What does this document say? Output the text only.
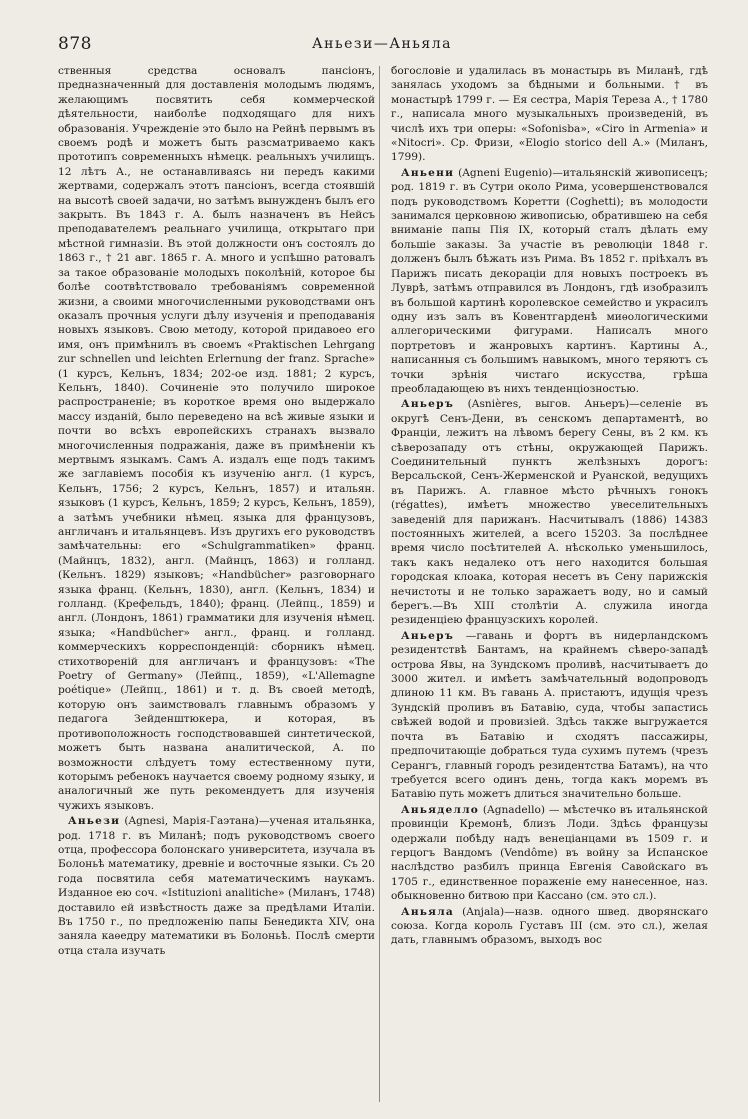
878	Аньези—Аньяла

ственныя средства основалъ пансіонъ, предназначенный для доставленія молодымъ людямъ, желающимъ посвятить себя коммерческой дѣятельности, наиболѣе подходящаго для нихъ образованія. Учрежденіе это было на Рейнѣ первымъ въ своемъ родѣ и можетъ быть разсматриваемо какъ прототипъ современныхъ нѣмецк. реальныхъ училищъ. 12 лѣтъ А., не останавливаясь ни передъ какими жертвами, содержалъ этотъ пансіонъ, всегда стоявшій на высотѣ своей задачи, но затѣмъ вынужденъ былъ его закрыть. Въ 1843 г. А. былъ назначенъ въ Нейсъ преподавателемъ реальнаго училища, открытаго при мѣстной гимназіи. Въ этой должности онъ состоялъ до 1863 г., † 21 авг. 1865 г. А. много и успѣшно ратовалъ за такое образованіе молодыхъ поколѣній, которое бы болѣе соотвѣтствовало требованіямъ современной жизни, а своими многочисленными руководствами онъ оказалъ прочныя услуги дѣлу изученія и преподаванія новыхъ языковъ. Свою методу, которой придавоео его имя, онъ примѣнилъ въ своемъ «Praktischen Lehrgang zur schnellen und leichten Erlernung der franz. Sprache» (1 курсъ, Кельнъ, 1834; 202-ое изд. 1881; 2 курсъ, Кельнъ, 1840). Сочиненіе это получило широкое распространеніе; въ короткое время оно выдержало массу изданій, было переведено на всѣ живые языки и почти во всѣхъ европейскихъ странахъ вызвало многочисленныя подражанія, даже въ примѣненіи къ мертвымъ языкамъ. Самъ А. издалъ еще подъ такимъ же заглавіемъ пособія къ изученію англ. (1 курсъ, Кельнъ, 1756; 2 курсъ, Кельнъ, 1857) и итальян. языковъ (1 курсъ, Кельнъ, 1859; 2 курсъ, Кельнъ, 1859), а затѣмъ учебники нѣмец. языка для французовъ, англичанъ и итальянцевъ. Изъ другихъ его руководствъ замѣчательны: его «Schulgrammatiken» франц. (Майнцъ, 1832), англ. (Майнцъ, 1863) и голланд. (Кельнъ. 1829) языковъ; «Handbücher» разговорнаго языка франц. (Кельнъ, 1830), англ. (Кельнъ, 1834) и голланд. (Крефельдъ, 1840); франц. (Лейпц., 1859) и англ. (Лондонъ, 1861) грамматики для изученія нѣмец. языка; «Handbücher» англ., франц. и голланд. коммерческихъ корреспонденцій: сборникъ нѣмец. стихотвореній для англичанъ и французовъ: «The Poetry of Germany» (Лейпц., 1859), «L'Allemagne poétique» (Лейпц., 1861) и т. д. Въ своей методѣ, которую онъ заимствовалъ главнымъ образомъ у педагога Зейденштюкера, и которая, въ противоположность господствовавшей синтетической, можетъ быть названа аналитической, А. по возможности слѣдуетъ тому естественному пути, которымъ ребенокъ научается своему родному языку, и аналогичный же путь рекомендуетъ для изученія чужихъ языковъ.

Аньези (Agnesi, Марія-Гаэтана)—ученая итальянка, род. 1718 г. въ Миланѣ; подъ руководствомъ своего отца, профессора болонскаго университета, изучала въ Болоньѣ математику, древніе и восточные языки. Съ 20 года посвятила себя математическимъ наукамъ. Изданное ею соч. «Istituzioni analitiche» (Миланъ, 1748) доставило ей извѣстность даже за предѣлами Италіи. Въ 1750 г., по предложенію папы Бенедикта XIV, она заняла каѳедру математики въ Болоньѣ. Послѣ смерти отца стала изучать

богословіе и удалилась въ монастырь въ Миланѣ, гдѣ занялась уходомъ за бѣдными и больными. † въ монастырѣ 1799 г. — Ея сестра, Марія Тереза А., † 1780 г., написала много музыкальныхъ произведеній, въ числѣ ихъ три оперы: «Sofonisba», «Ciro in Armenia» и «Nitocri». Ср. Фризи, «Elogio storico dell A.» (Миланъ, 1799).

Аньени (Agneni Eugenio)—итальянскій живописецъ; род. 1819 г. въ Сутри около Рима, усовершенствовался подъ руководствомъ Коретти (Coghetti); въ молодости занимался церковною живописью, обратившею на себя вниманіе папы Пія IX, который сталъ дѣлать ему большіе заказы. За участіе въ революціи 1848 г. долженъ былъ бѣжать изъ Рима. Въ 1852 г. пріѣхалъ въ Парижъ писать декораціи для новыхъ построекъ въ Луврѣ, затѣмъ отправился въ Лондонъ, гдѣ изобразилъ въ большой картинѣ королевское семейство и украсилъ одну изъ залъ въ Ковентгарденѣ миѳологическими аллегорическими фигурами. Написалъ много портретовъ и жанровыхъ картинъ. Картины А., написанныя съ большимъ навыкомъ, много теряютъ съ точки зрѣнія чистаго искусства, грѣша преобладающею въ нихъ тенденціозностью.

Аньеръ (Asnières, выгов. Аньеръ)—селеніе въ округѣ Сенъ-Дени, въ сенскомъ департаментѣ, во Франціи, лежитъ на лѣвомъ берегу Сены, въ 2 км. къ сѣверозападу отъ стѣны, окружающей Парижъ. Соединительный пунктъ желѣзныхъ дорогъ: Версальской, Сенъ-Жерменской и Руанской, ведущихъ въ Парижъ. А. главное мѣсто рѣчныхъ гонокъ (régattes), имѣетъ множество увеселительныхъ заведеній для парижанъ. Насчитывалъ (1886) 14383 постоянныхъ жителей, а всего 15203. За послѣднее время число посѣтителей А. нѣсколько уменьшилось, такъ какъ недалеко отъ него находится большая городская клоака, которая несетъ въ Сену парижскія нечистоты и не только заражаетъ воду, но и самый берегъ.—Въ XIII столѣтіи А. служила иногда резиденціею французскихъ королей.

Аньеръ —гавань и фортъ въ нидерландскомъ резидентствѣ Бантамъ, на крайнемъ сѣверо-западѣ острова Явы, на Зундскомъ проливѣ, насчитываетъ до 3000 жител. и имѣетъ замѣчательный водопроводъ длиною 11 км. Въ гавань А. пристаютъ, идущія чрезъ Зундскій проливъ въ Батавію, суда, чтобы запастись свѣжей водой и провизіей. Здѣсь также выгружается почта въ Батавію и сходятъ пассажиры, предпочитающіе добраться туда сухимъ путемъ (чрезъ Серангъ, главный городъ резидентства Батамъ), на что требуется всего одинъ день, тогда какъ моремъ въ Батавію путь можетъ длиться значительно больше.

Аньяделло (Agnadello) — мѣстечко въ итальянской провинціи Кремонѣ, близъ Лоди. Здѣсь французы одержали побѣду надъ венеціанцами въ 1509 г. и герцогъ Вандомъ (Vendôme) въ войну за Испанское наслѣдство разбилъ принца Евгенія Савойскаго въ 1705 г., единственное пораженіе ему нанесенное, наз. обыкновенно битвою при Кассано (см. это сл.).

Аньяла (Anjala)—назв. одного швед. дворянскаго союза. Когда король Густавъ III (см. это сл.), желая дать, главнымъ образомъ, выходъ вос
